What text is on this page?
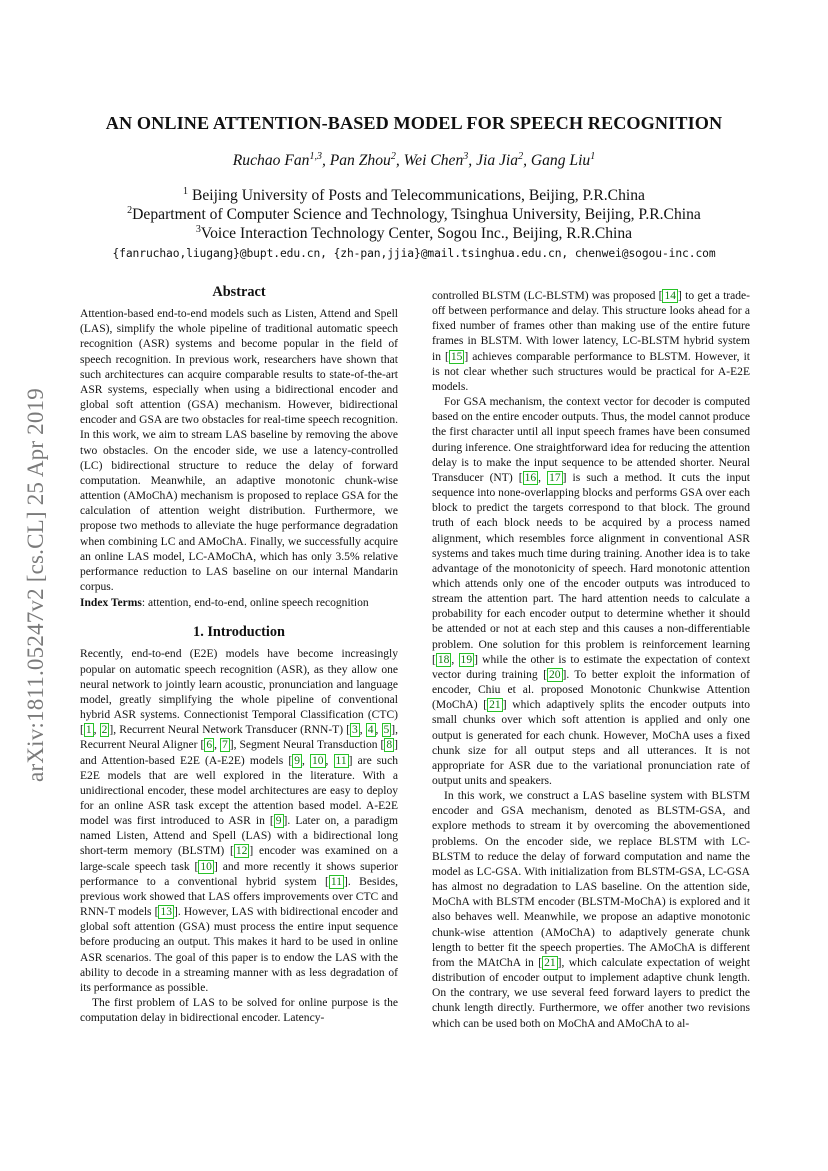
AN ONLINE ATTENTION-BASED MODEL FOR SPEECH RECOGNITION
Ruchao Fan$^{1,3}$, Pan Zhou$^2$, Wei Chen$^3$, Jia Jia$^2$, Gang Liu$^1$
$^1$ Beijing University of Posts and Telecommunications, Beijing, P.R.China
$^2$Department of Computer Science and Technology, Tsinghua University, Beijing, P.R.China
$^3$Voice Interaction Technology Center, Sogou Inc., Beijing, R.R.China
{fanruchao,liugang}@bupt.edu.cn, {zh-pan,jjia}@mail.tsinghua.edu.cn, chenwei@sogou-inc.com
arXiv:1811.05247v2 [cs.CL] 25 Apr 2019
Abstract

Attention-based end-to-end models such as Listen, Attend and Spell (LAS), simplify the whole pipeline of traditional automatic speech recognition (ASR) systems and become popular in the field of speech recognition. In previous work, researchers have shown that such architectures can acquire comparable results to state-of-the-art ASR systems, especially when using a bidirectional encoder and global soft attention (GSA) mechanism. However, bidirectional encoder and GSA are two obstacles for real-time speech recognition. In this work, we aim to stream LAS baseline by removing the above two obstacles. On the encoder side, we use a latency-controlled (LC) bidirectional structure to reduce the delay of forward computation. Meanwhile, an adaptive monotonic chunk-wise attention (AMoChA) mechanism is proposed to replace GSA for the calculation of attention weight distribution. Furthermore, we propose two methods to alleviate the huge performance degradation when combining LC and AMoChA. Finally, we successfully acquire an online LAS model, LC-AMoChA, which has only 3.5% relative performance reduction to LAS baseline on our internal Mandarin corpus.

Index Terms: attention, end-to-end, online speech recognition

1. Introduction

Recently, end-to-end (E2E) models have become increasingly popular on automatic speech recognition (ASR), as they allow one neural network to jointly learn acoustic, pronunciation and language model, greatly simplifying the whole pipeline of conventional hybrid ASR systems. Connectionist Temporal Classification (CTC) [ 1 , 2 ], Recurrent Neural Network Transducer (RNN-T) [ 3 , 4 , 5 ], Recurrent Neural Aligner [ 6 , 7 ], Segment Neural Transduction [ 8 ] and Attention-based E2E (A-E2E) models [ 9 , 10 , 11 ] are such E2E models that are well explored in the literature. With a unidirectional encoder, these model architectures are easy to deploy for an online ASR task except the attention based model. A-E2E model was first introduced to ASR in [ 9 ]. Later on, a paradigm named Listen, Attend and Spell (LAS) with a bidirectional long short-term memory (BLSTM) [ 12 ] encoder was examined on a large-scale speech task [ 10 ] and more recently it shows superior performance to a conventional hybrid system [ 11 ]. Besides, previous work showed that LAS offers improvements over CTC and RNN-T models [ 13 ]. However, LAS with bidirectional encoder and global soft attention (GSA) must process the entire input sequence before producing an output. This makes it hard to be used in online ASR scenarios. The goal of this paper is to endow the LAS with the ability to decode in a streaming manner with as less degradation of its performance as possible.

The first problem of LAS to be solved for online purpose is the computation delay in bidirectional encoder. Latency-

controlled BLSTM (LC-BLSTM) was proposed [ 14 ] to get a trade-off between performance and delay. This structure looks ahead for a fixed number of frames other than making use of the entire future frames in BLSTM. With lower latency, LC-BLSTM hybrid system in [ 15 ] achieves comparable performance to BLSTM. However, it is not clear whether such structures would be practical for A-E2E models.

For GSA mechanism, the context vector for decoder is computed based on the entire encoder outputs. Thus, the model cannot produce the first character until all input speech frames have been consumed during inference. One straightforward idea for reducing the attention delay is to make the input sequence to be attended shorter. Neural Transducer (NT) [ 16 , 17 ] is such a method. It cuts the input sequence into none-overlapping blocks and performs GSA over each block to predict the targets correspond to that block. The ground truth of each block needs to be acquired by a process named alignment, which resembles force alignment in conventional ASR systems and takes much time during training. Another idea is to take advantage of the monotonicity of speech. Hard monotonic attention which attends only one of the encoder outputs was introduced to stream the attention part. The hard attention needs to calculate a probability for each encoder output to determine whether it should be attended or not at each step and this causes a non-differentiable problem. One solution for this problem is reinforcement learning [ 18 , 19 ] while the other is to estimate the expectation of context vector during training [ 20 ]. To better exploit the information of encoder, Chiu et al. proposed Monotonic Chunkwise Attention (MoChA) [ 21 ] which adaptively splits the encoder outputs into small chunks over which soft attention is applied and only one output is generated for each chunk. However, MoChA uses a fixed chunk size for all output steps and all utterances. It is not appropriate for ASR due to the variational pronunciation rate of output units and speakers.

In this work, we construct a LAS baseline system with BLSTM encoder and GSA mechanism, denoted as BLSTM-GSA, and explore methods to stream it by overcoming the abovementioned problems. On the encoder side, we replace BLSTM with LC-BLSTM to reduce the delay of forward computation and name the model as LC-GSA. With initialization from BLSTM-GSA, LC-GSA has almost no degradation to LAS baseline. On the attention side, MoChA with BLSTM encoder (BLSTM-MoChA) is explored and it also behaves well. Meanwhile, we propose an adaptive monotonic chunk-wise attention (AMoChA) to adaptively generate chunk length to better fit the speech properties. The AMoChA is different from the MAtChA in [ 21 ], which calculate expectation of weight distribution of encoder output to implement adaptive chunk length. On the contrary, we use several feed forward layers to predict the chunk length directly. Furthermore, we offer another two revisions which can be used both on MoChA and AMoChA to al-
